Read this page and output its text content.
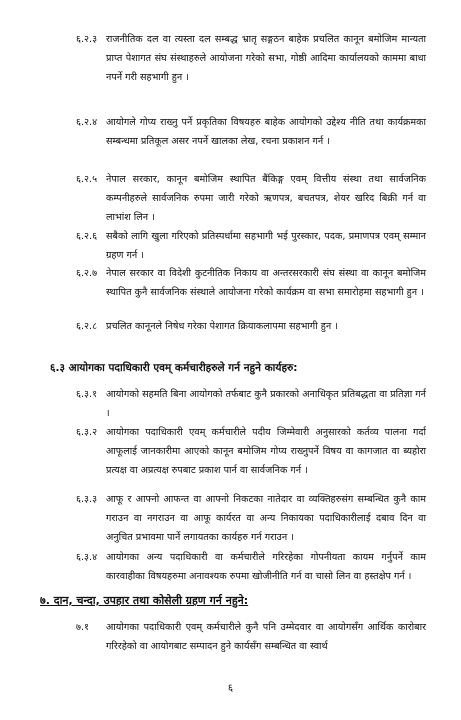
६.२.३ राजनीतिक दल वा त्यस्ता दल सम्बद्ध भ्रातृ सङ्गठन बाहेक प्रचलित कानून बमोजिम मान्यता प्राप्त पेशागत संघ संस्थाहरुले आयोजना गरेको सभा, गोष्ठी आदिमा कार्यालयको काममा बाधा नपर्ने गरी सहभागी हुन ।
६.२.४ आयोगले गोप्य राख्नु पर्ने प्रकृतिका विषयहरु बाहेक आयोगको उद्देश्य नीति तथा कार्यक्रमका सम्बन्धमा प्रतिकूल असर नपर्ने खालका लेख, रचना प्रकाशन गर्न ।
६.२.५ नेपाल सरकार, कानून बमोजिम स्थापित बैंकिङ्ग एवम् वित्तीय संस्था तथा सार्वजनिक कम्पनीहरुले सार्वजनिक रुपमा जारी गरेको ऋणपत्र, बचतपत्र, शेयर खरिद बिक्री गर्न वा लाभांश लिन ।
६.२.६ सबैको लागि खुला गरिएको प्रतिस्पर्धामा सहभागी भई पुरस्कार, पदक, प्रमाणपत्र एवम् सम्मान ग्रहण गर्न ।
६.२.७ नेपाल सरकार वा विदेशी कुटनीतिक निकाय वा अन्तरसरकारी संघ संस्था वा कानून बमोजिम स्थापित कुनै सार्वजनिक संस्थाले आयोजना गरेको कार्यक्रम वा सभा समारोहमा सहभागी हुन ।
६.२.८ प्रचलित कानूनले निषेध गरेका पेशागत क्रियाकलापमा सहभागी हुन ।
६.३ आयोगका पदाधिकारी एवम् कर्मचारीहरुले गर्न नहुने कार्यहरु:
६.३.१ आयोगको सहमति बिना आयोगको तर्फबाट कुनै प्रकारको अनाधिकृत प्रतिबद्धता वा प्रतिज्ञा गर्न ।
६.३.२ आयोगका पदाधिकारी एवम् कर्मचारीले पदीय जिम्मेवारी अनुसारको कर्तव्य पालना गर्दा आफूलाई जानकारीमा आएको कानून बमोजिम गोप्य राख्नुपर्ने विषय वा कागजात वा ब्यहोरा प्रत्यक्ष वा अप्रत्यक्ष रुपबाट प्रकाश पार्न वा सार्वजनिक गर्न ।
६.३.३ आफू र आफ्नो आफन्त वा आफ्नो निकटका नातेदार वा व्यक्तिहरुसंग सम्बन्धित कुनै काम गराउन वा नगराउन वा आफू कार्यरत वा अन्य निकायका पदाधिकारीलाई दबाव दिन वा अनुचित प्रभावमा पार्ने लगायतका कार्यहरु गर्न गराउन ।
६.३.४ आयोगका अन्य पदाधिकारी वा कर्मचारीले गरिरहेका गोपनीयता कायम गर्नुपर्ने काम कारवाहीका विषयहरुमा अनावश्यक रुपमा खोजीनीति गर्न वा चासो लिन वा हस्तक्षेप गर्न ।
७. दान, चन्दा, उपहार तथा कोसेली ग्रहण गर्न नहुने:
७.१	आयोगका पदाधिकारी एवम् कर्मचारीले कुनै पनि उम्मेदवार वा आयोगसँग आर्थिक कारोबार गरिरहेको वा आयोगबाट सम्पादन हुने कार्यसँग सम्बन्धित वा स्वार्थ
६
